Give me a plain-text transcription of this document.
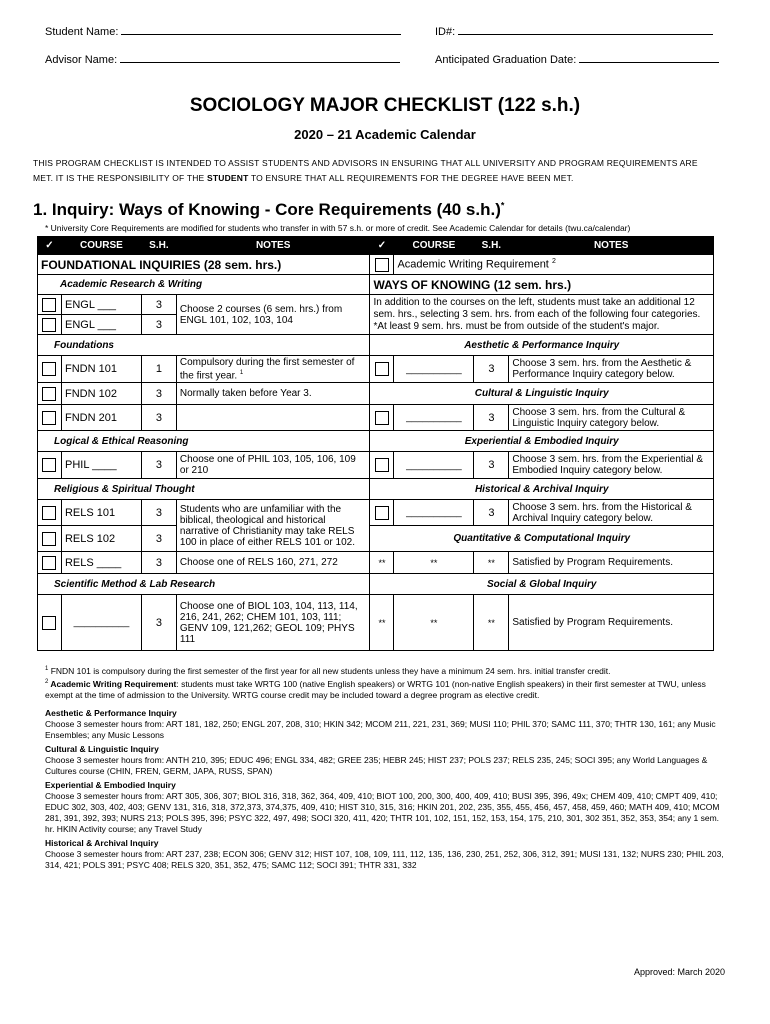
Student Name:	ID#:
Advisor Name:	Anticipated Graduation Date:
SOCIOLOGY MAJOR CHECKLIST (122 s.h.)
2020 – 21 Academic Calendar
THIS PROGRAM CHECKLIST IS INTENDED TO ASSIST STUDENTS AND ADVISORS IN ENSURING THAT ALL UNIVERSITY AND PROGRAM REQUIREMENTS ARE
MET. IT IS THE RESPONSIBILITY OF THE STUDENT TO ENSURE THAT ALL REQUIREMENTS FOR THE DEGREE HAVE BEEN MET.
1. Inquiry: Ways of Knowing - Core Requirements (40 s.h.)*
* University Core Requirements are modified for students who transfer in with 57 s.h. or more of credit. See Academic Calendar for details (twu.ca/calendar)
✓	COURSE	S.H.	NOTES	✓	COURSE	S.H.	NOTES
FOUNDATIONAL INQUIRIES (28 sem. hrs.)					Academic Writing Requirement $^2$
Academic Research & Writing				WAYS OF KNOWING (12 sem. hrs.)			
	ENGL ___	3	Choose 2 courses (6 sem. hrs.) from ENGL 101, 102, 103, 104	In addition to the courses on the left, students must take an additional 12 sem. hrs., selecting 3 sem. hrs. from each of the following four categories. *At least 9 sem. hrs. must be from outside of the student's major.			
	ENGL ___	3					
Foundations				Aesthetic & Performance Inquiry			
	FNDN 101	1	Compulsory during the first semester of the first year. $^1$		__________	3	Choose 3 sem. hrs. from the Aesthetic & Performance Inquiry category below.
	FNDN 102	3	Normally taken before Year 3.	Cultural & Linguistic Inquiry			
	FNDN 201	3			__________	3	Choose 3 sem. hrs. from the Cultural & Linguistic Inquiry category below.
Logical & Ethical Reasoning				Experiential & Embodied Inquiry			
	PHIL ____	3	Choose one of PHIL 103, 105, 106, 109 or 210		__________	3	Choose 3 sem. hrs. from the Experiential & Embodied Inquiry category below.
Religious & Spiritual Thought				Historical & Archival Inquiry			
	RELS 101	3	Students who are unfamiliar with the biblical, theological and historical narrative of Christianity may take RELS 100 in place of either RELS 101 or 102.		__________	3	Choose 3 sem. hrs. from the Historical & Archival Inquiry category below.
	RELS 102	3		Quantitative & Computational Inquiry			
	RELS ____	3	Choose one of RELS 160, 271, 272	**	**	**	Satisfied by Program Requirements.
Scientific Method & Lab Research				Social & Global Inquiry			
	__________	3	Choose one of BIOL 103, 104, 113, 114, 216, 241, 262; CHEM 101, 103, 111; GENV 109, 121,262; GEOL 109; PHYS 111	**	**	**	Satisfied by Program Requirements.
$^1$ FNDN 101 is compulsory during the first semester of the first year for all new students unless they have a minimum 24 sem. hrs. initial transfer credit.
$^2$ Academic Writing Requirement: students must take WRTG 100 (native English speakers) or WRTG 101 (non-native English speakers) in their first semester at TWU, unless exempt at the time of admission to the University. WRTG course credit may be included toward a degree program as elective credit.
Aesthetic & Performance Inquiry
Choose 3 semester hours from: ART 181, 182, 250; ENGL 207, 208, 310; HKIN 342; MCOM 211, 221, 231, 369; MUSI 110; PHIL 370; SAMC 111, 370; THTR 130, 161; any Music Ensembles; any Music Lessons
Cultural & Linguistic Inquiry
Choose 3 semester hours from: ANTH 210, 395; EDUC 496; ENGL 334, 482; GREE 235; HEBR 245; HIST 237; POLS 237; RELS 235, 245; SOCI 395; any World Languages & Cultures course (CHIN, FREN, GERM, JAPA, RUSS, SPAN)
Experiential & Embodied Inquiry
Choose 3 semester hours from: ART 305, 306, 307; BIOL 316, 318, 362, 364, 409, 410; BIOT 100, 200, 300, 400, 409, 410; BUSI 395, 396, 49x; CHEM 409, 410; CMPT 409, 410; EDUC 302, 303, 402, 403; GENV 131, 316, 318, 372,373, 374,375, 409, 410; HIST 310, 315, 316; HKIN 201, 202, 235, 355, 455, 456, 457, 458, 459, 460; MATH 409, 410; MCOM 281, 391, 392, 393; NURS 213; POLS 395, 396; PSYC 322, 497, 498; SOCI 320, 411, 420; THTR 101, 102, 151, 152, 153, 154, 175, 210, 301, 302 351, 352, 353, 354; any 1 sem. hr. HKIN Activity course; any Travel Study
Historical & Archival Inquiry
Choose 3 semester hours from: ART 237, 238; ECON 306; GENV 312; HIST 107, 108, 109, 111, 112, 135, 136, 230, 251, 252, 306, 312, 391; MUSI 131, 132; NURS 230; PHIL 203, 314, 421; POLS 391; PSYC 408; RELS 320, 351, 352, 475; SAMC 112; SOCI 391; THTR 331, 332
Approved: March 2020
